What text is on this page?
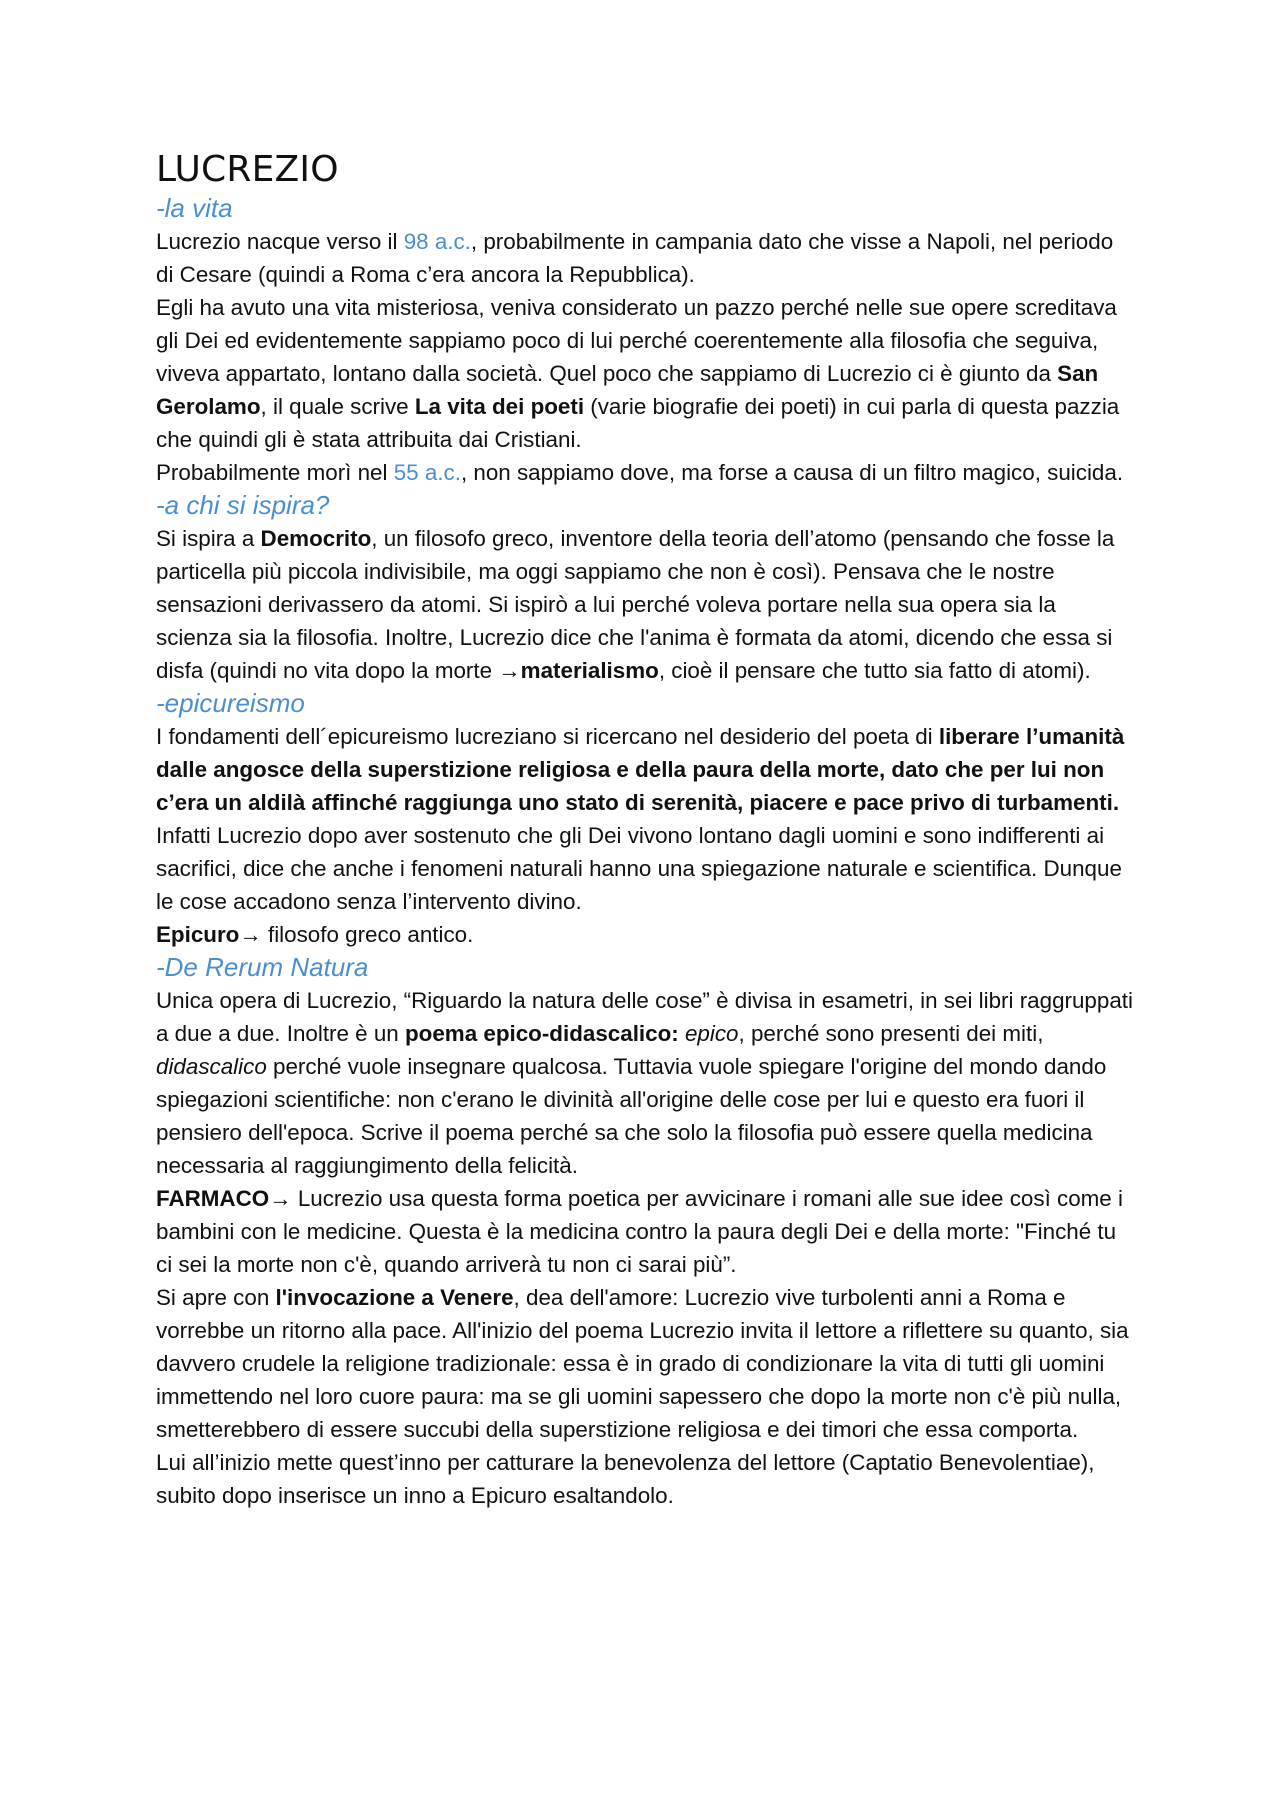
LUCREZIO
-la vita

Lucrezio nacque verso il 98 a.c., probabilmente in campania dato che visse a Napoli, nel periodo di Cesare (quindi a Roma c’era ancora la Repubblica).

Egli ha avuto una vita misteriosa, veniva considerato un pazzo perché nelle sue opere screditava gli Dei ed evidentemente sappiamo poco di lui perché coerentemente alla filosofia che seguiva, viveva appartato, lontano dalla società. Quel poco che sappiamo di Lucrezio ci è giunto da San Gerolamo, il quale scrive La vita dei poeti (varie biografie dei poeti) in cui parla di questa pazzia che quindi gli è stata attribuita dai Cristiani.

Probabilmente morì nel 55 a.c., non sappiamo dove, ma forse a causa di un filtro magico, suicida.

-a chi si ispira?

Si ispira a Democrito, un filosofo greco, inventore della teoria dell’atomo (pensando che fosse la particella più piccola indivisibile, ma oggi sappiamo che non è così). Pensava che le nostre sensazioni derivassero da atomi. Si ispirò a lui perché voleva portare nella sua opera sia la scienza sia la filosofia. Inoltre, Lucrezio dice che l'anima è formata da atomi, dicendo che essa si disfa (quindi no vita dopo la morte →materialismo, cioè il pensare che tutto sia fatto di atomi).

-epicureismo

I fondamenti dell´epicureismo lucreziano si ricercano nel desiderio del poeta di liberare l’umanità dalle angosce della superstizione religiosa e della paura della morte, dato che per lui non c’era un aldilà affinché raggiunga uno stato di serenità, piacere e pace privo di turbamenti. Infatti Lucrezio dopo aver sostenuto che gli Dei vivono lontano dagli uomini e sono indifferenti ai sacrifici, dice che anche i fenomeni naturali hanno una spiegazione naturale e scientifica. Dunque le cose accadono senza l’intervento divino.

Epicuro→ filosofo greco antico.

-De Rerum Natura

Unica opera di Lucrezio, “Riguardo la natura delle cose” è divisa in esametri, in sei libri raggruppati a due a due. Inoltre è un poema epico-didascalico: epico, perché sono presenti dei miti, didascalico perché vuole insegnare qualcosa. Tuttavia vuole spiegare l'origine del mondo dando spiegazioni scientifiche: non c'erano le divinità all'origine delle cose per lui e questo era fuori il pensiero dell'epoca. Scrive il poema perché sa che solo la filosofia può essere quella medicina necessaria al raggiungimento della felicità.

FARMACO→ Lucrezio usa questa forma poetica per avvicinare i romani alle sue idee così come i bambini con le medicine. Questa è la medicina contro la paura degli Dei e della morte: "Finché tu ci sei la morte non c'è, quando arriverà tu non ci sarai più”.

Si apre con l'invocazione a Venere, dea dell'amore: Lucrezio vive turbolenti anni a Roma e vorrebbe un ritorno alla pace. All'inizio del poema Lucrezio invita il lettore a riflettere su quanto, sia davvero crudele la religione tradizionale: essa è in grado di condizionare la vita di tutti gli uomini immettendo nel loro cuore paura: ma se gli uomini sapessero che dopo la morte non c'è più nulla, smetterebbero di essere succubi della superstizione religiosa e dei timori che essa comporta.

Lui all’inizio mette quest’inno per catturare la benevolenza del lettore (Captatio Benevolentiae), subito dopo inserisce un inno a Epicuro esaltandolo.
